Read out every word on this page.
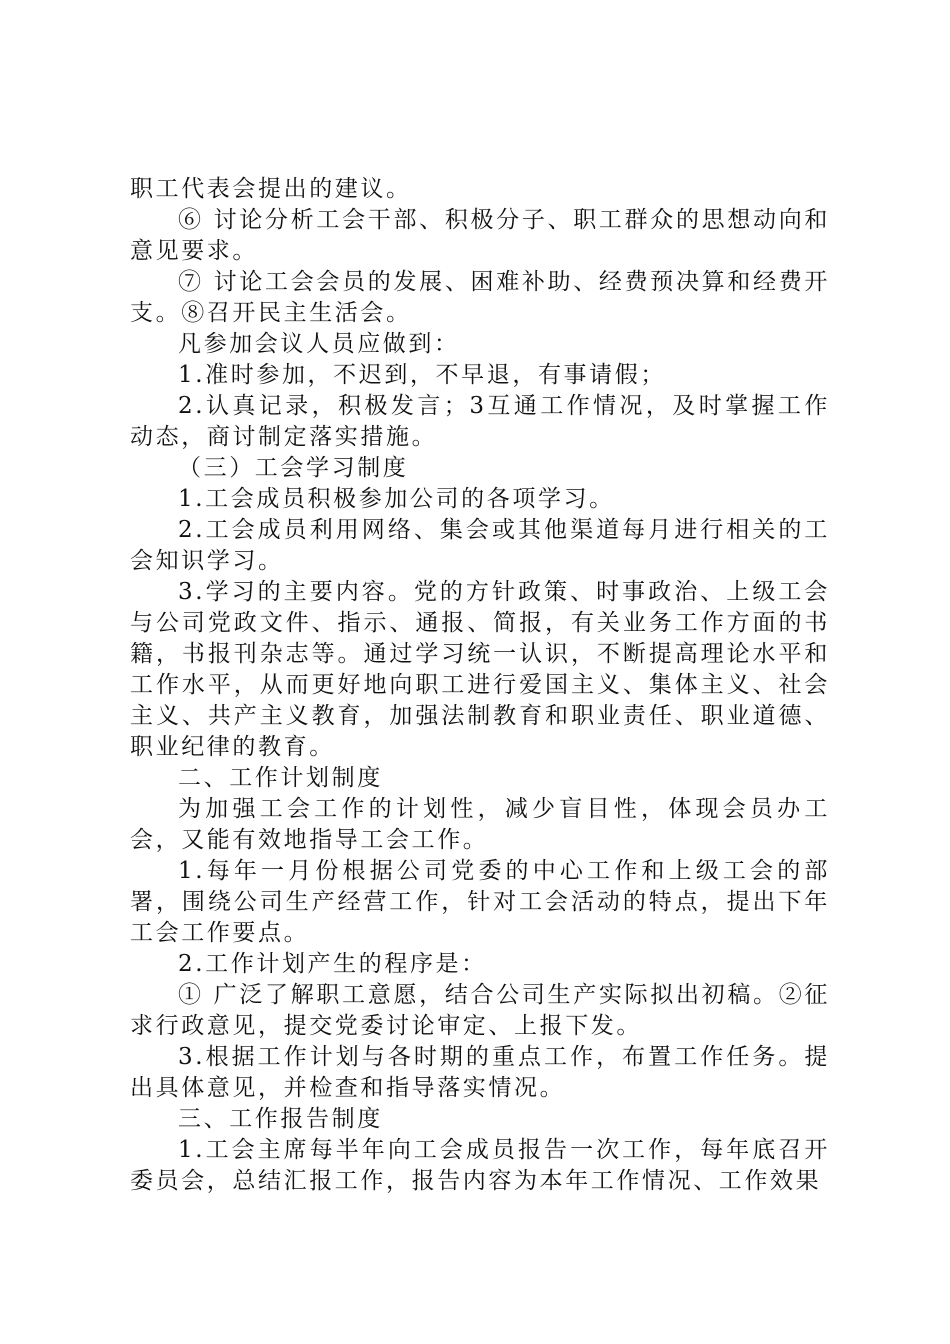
职工代表会提出的建议。

⑥ 讨论分析工会干部、积极分子、职工群众的思想动向和意见要求。

⑦ 讨论工会会员的发展、困难补助、经费预决算和经费开支。⑧召开民主生活会。

凡参加会议人员应做到：

1.准时参加，不迟到，不早退，有事请假；

2.认真记录，积极发言；3互通工作情况，及时掌握工作动态，商讨制定落实措施。

（三）工会学习制度

1.工会成员积极参加公司的各项学习。

2.工会成员利用网络、集会或其他渠道每月进行相关的工会知识学习。

3.学习的主要内容。党的方针政策、时事政治、上级工会与公司党政文件、指示、通报、简报，有关业务工作方面的书籍，书报刊杂志等。通过学习统一认识，不断提高理论水平和工作水平，从而更好地向职工进行爱国主义、集体主义、社会主义、共产主义教育，加强法制教育和职业责任、职业道德、职业纪律的教育。

二、工作计划制度

为加强工会工作的计划性，减少盲目性，体现会员办工会，又能有效地指导工会工作。

1.每年一月份根据公司党委的中心工作和上级工会的部署，围绕公司生产经营工作，针对工会活动的特点，提出下年工会工作要点。

2.工作计划产生的程序是：

① 广泛了解职工意愿，结合公司生产实际拟出初稿。②征求行政意见，提交党委讨论审定、上报下发。

3.根据工作计划与各时期的重点工作，布置工作任务。提出具体意见，并检查和指导落实情况。

三、工作报告制度

1.工会主席每半年向工会成员报告一次工作，每年底召开委员会，总结汇报工作，报告内容为本年工作情况、工作效果
